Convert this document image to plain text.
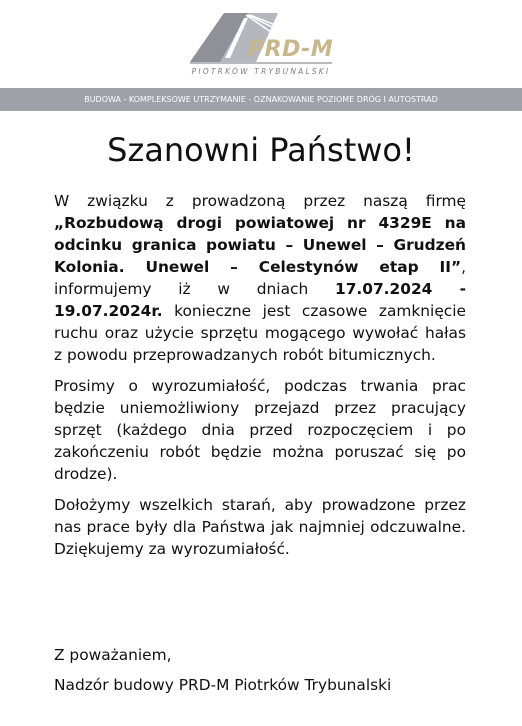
PRD-M
PIOTRKÓW TRYBUNALSKI
BUDOWA - KOMPLEKSOWE UTRZYMANIE - OZNAKOWANIE POZIOME DRÓG I AUTOSTRAD
Szanowni Państwo!

W związku z prowadzoną przez naszą firmę „Rozbudową drogi powiatowej nr 4329E na odcinku granica powiatu – Unewel – Grudzeń Kolonia. Unewel – Celestynów etap II”, informujemy iż w dniach 17.07.2024 - 19.07.2024r. konieczne jest czasowe zamknięcie ruchu oraz użycie sprzętu mogącego wywołać hałas z powodu przeprowadzanych robót bitumicznych.

Prosimy o wyrozumiałość, podczas trwania prac będzie uniemożliwiony przejazd przez pracujący sprzęt (każdego dnia przed rozpoczęciem i po zakończeniu robót będzie można poruszać się po drodze).

Dołożymy wszelkich starań, aby prowadzone przez nas prace były dla Państwa jak najmniej odczuwalne. Dziękujemy za wyrozumiałość.

Z poważaniem,
Nadzór budowy PRD-M Piotrków Trybunalski
